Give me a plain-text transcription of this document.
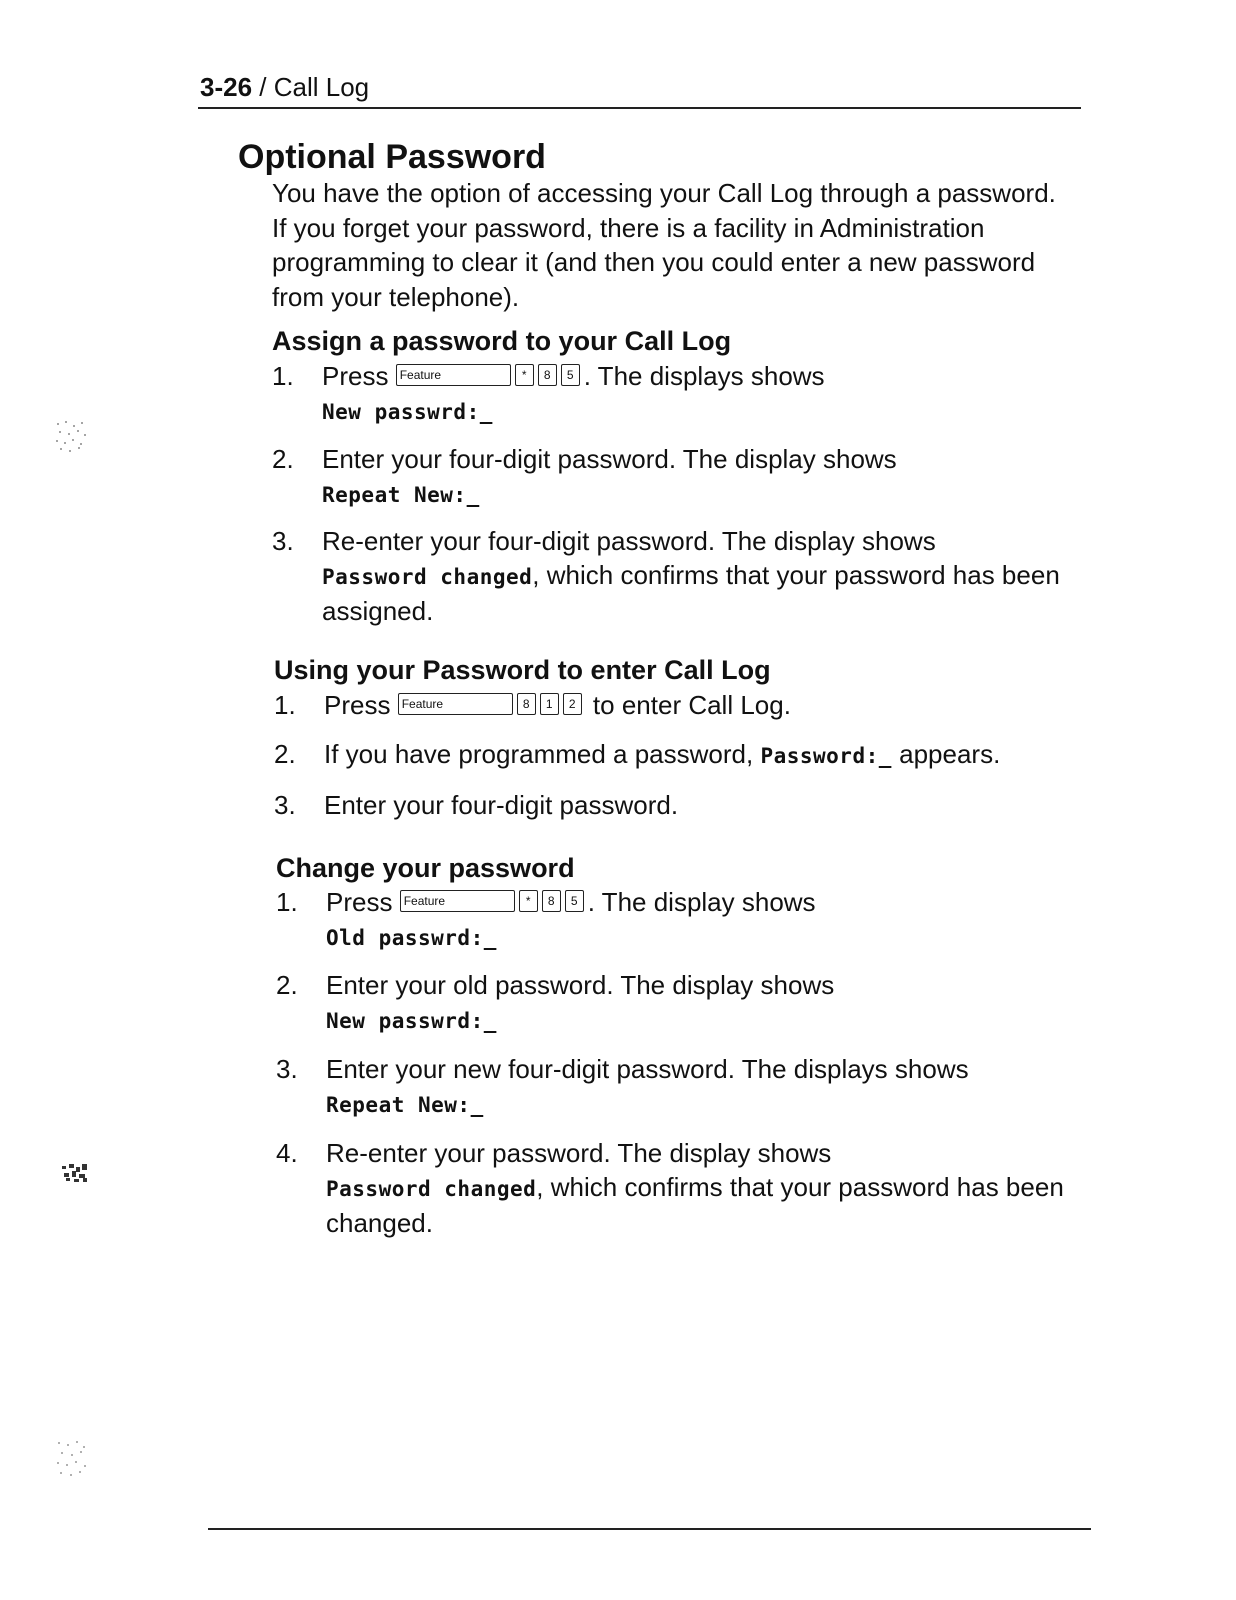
3-26 / Call Log
Optional Password

You have the option of accessing your Call Log through a password. If you forget your password, there is a facility in Administration programming to clear it (and then you could enter a new password from your telephone).

Assign a password to your Call Log
1. Press Feature	* 8 5 . The displays shows
New passwrd:_
2. Enter your four-digit password. The display shows
Repeat New:_
3. Re-enter your four-digit password. The display shows
Password changed, which confirms that your password has been assigned.
Using your Password to enter Call Log
1. Press Feature	8 1 2 to enter Call Log.
2. If you have programmed a password, Password:_ appears.
3. Enter your four-digit password.
Change your password
1. Press Feature	* 8 5 . The display shows
Old passwrd:_
2. Enter your old password. The display shows
New passwrd:_
3. Enter your new four-digit password. The displays shows
Repeat New:_
4. Re-enter your password. The display shows
Password changed, which confirms that your password has been changed.
